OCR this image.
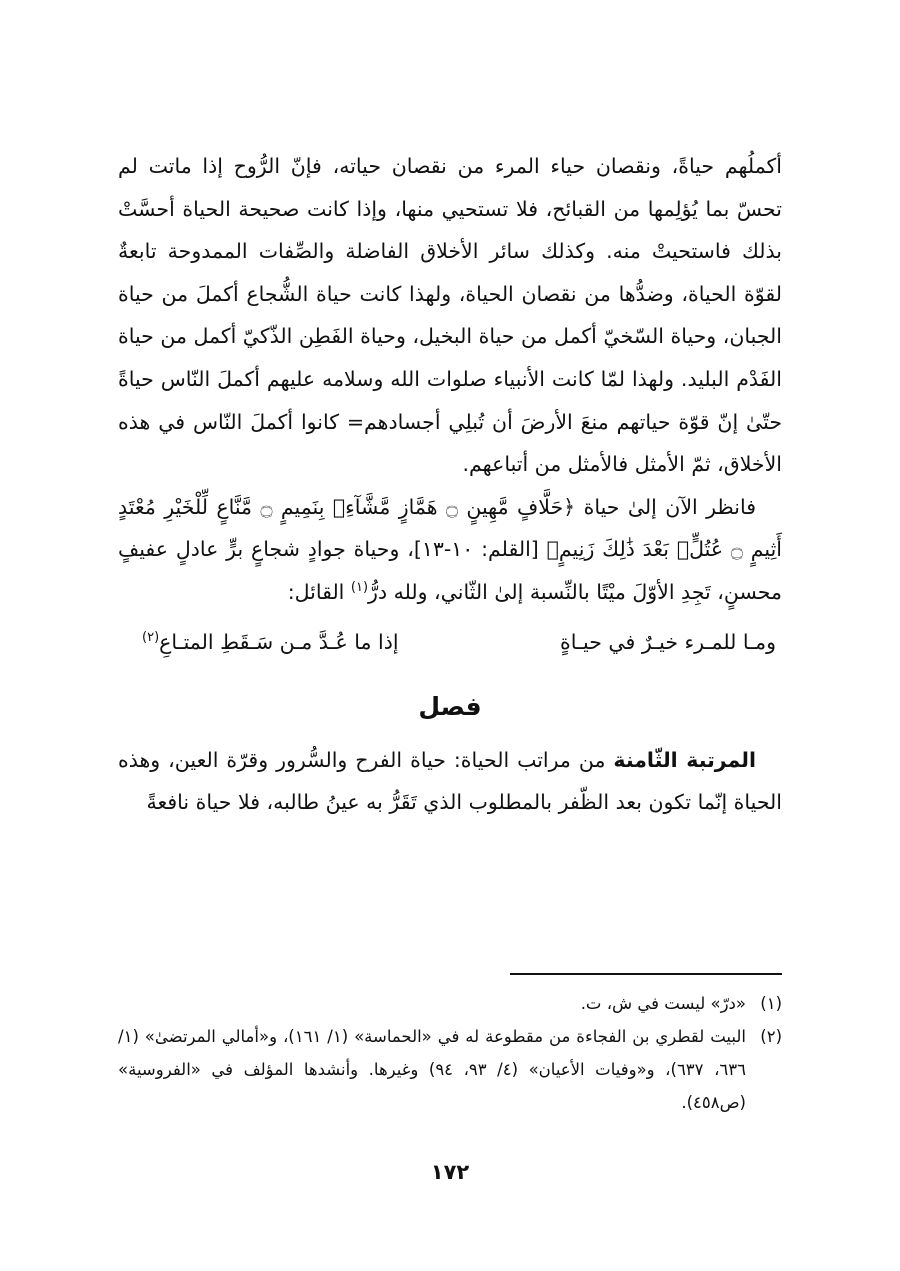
أكملُهم حياةً، ونقصان حياء المرء من نقصان حياته، فإنّ الرُّوح إذا ماتت لم تحسّ بما يُؤلِمها من القبائح، فلا تستحيي منها، وإذا كانت صحيحة الحياة أحسَّتْ بذلك فاستحيتْ منه. وكذلك سائر الأخلاق الفاضلة والصِّفات الممدوحة تابعةٌ لقوّة الحياة، وضدُّها من نقصان الحياة، ولهذا كانت حياة الشُّجاع أكملَ من حياة الجبان، وحياة السّخيّ أكمل من حياة البخيل، وحياة الفَطِن الذّكيّ أكمل من حياة الفَدْم البليد. ولهذا لمّا كانت الأنبياء صلوات الله وسلامه عليهم أكملَ النّاس حياةً حتّىٰ إنّ قوّة حياتهم منعَ الأرضَ أن تُبلِي أجسادهم= كانوا أكملَ النّاس في هذه الأخلاق، ثمّ الأمثل فالأمثل من أتباعهم.

فانظر الآن إلىٰ حياة ﴿حَلَّافٍ مَّهِينٍ ۝ هَمَّازٍ مَّشَّآءِۭ بِنَمِيمٍ ۝ مَّنَّاعٍ لِّلْخَيْرِ مُعْتَدٍ أَثِيمٍ ۝ عُتُلٍّۭ بَعْدَ ذَٰلِكَ زَنِيمٍ﴾ [القلم: ١٠-١٣]، وحياة جوادٍ شجاعٍ برٍّ عادلٍ عفيفٍ محسنٍ، تَجِدِ الأوّلَ ميْتًا بالنِّسبة إلىٰ الثّاني، ولله درُّ$^{(١)}$ القائل:

ومـا للمـرء خيـرٌ في حيـاةٍ
إذا ما عُـدَّ مـن سَـقَطِ المتـاعِ$^{(٢)}$
فصل

المرتبة الثّامنة من مراتب الحياة: حياة الفرح والسُّرور وقرّة العين، وهذه الحياة إنّما تكون بعد الظّفر بالمطلوب الذي تَقَرُّ به عينُ طالبه، فلا حياة نافعةً

(١)
«درّ» ليست في ش، ت.
(٢)
البيت لقطري بن الفجاءة من مقطوعة له في «الحماسة» (١/ ١٦١)، و«أمالي المرتضىٰ» (١/ ٦٣٦، ٦٣٧)، و«وفيات الأعيان» (٤/ ٩٣، ٩٤) وغيرها. وأنشدها المؤلف في «الفروسية» (ص٤٥٨).
١٧٢
